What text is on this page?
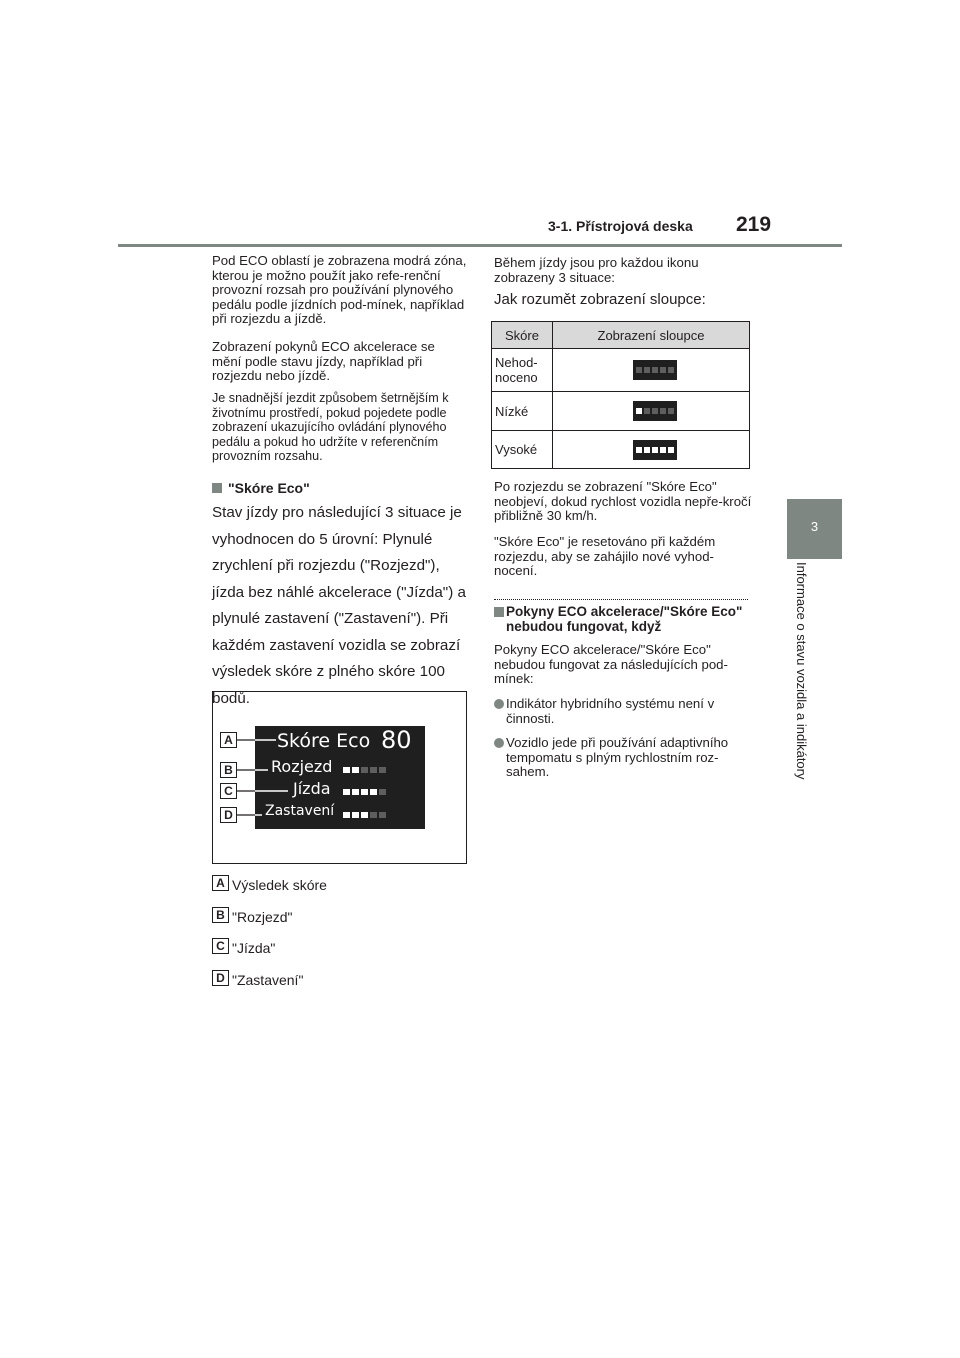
3-1. Přístrojová deska 219
3
Informace o stavu vozidla a indikátory
Pod ECO oblastí je zobrazena modrá zóna, kterou je možno použít jako refe-renční provozní rozsah pro používání plynového pedálu podle jízdních pod-mínek, například při rozjezdu a jízdě.
Zobrazení pokynů ECO akcelerace se mění podle stavu jízdy, například při rozjezdu nebo jízdě.
Je snadnější jezdit způsobem šetrnějším k životnímu prostředí, pokud pojedete podle zobrazení ukazujícího ovládání plynového pedálu a pokud ho udržíte v referenčním provozním rozsahu.
"Skóre Eco"
Stav jízdy pro následující 3 situace je vyhodnocen do 5 úrovní: Plynulé zrychlení při rozjezdu ("Rozjezd"), jízda bez náhlé akcelerace ("Jízda") a plynulé zastavení ("Zastavení"). Při každém zastavení vozidla se zobrazí výsledek skóre z plného skóre 100 bodů.
Skóre Eco 80
Rozjezd
Jízda
Zastavení
A
B
C
D
A Výsledek skóre
B "Rozjezd"
C "Jízda"
D "Zastavení"
Během jízdy jsou pro každou ikonu zobrazeny 3 situace:
Jak rozumět zobrazení sloupce:
Skóre	Zobrazení sloupce
Nehod-noceno	

Nízké	

Vysoké	
Po rozjezdu se zobrazení "Skóre Eco" neobjeví, dokud rychlost vozidla nepře-kročí přibližně 30 km/h.
"Skóre Eco" je resetováno při každém rozjezdu, aby se zahájilo nové vyhod-nocení.
Pokyny ECO akcelerace/"Skóre Eco" nebudou fungovat, když
Pokyny ECO akcelerace/"Skóre Eco" nebudou fungovat za následujících pod-mínek:
Indikátor hybridního systému není v činnosti.
Vozidlo jede při používání adaptivního tempomatu s plným rychlostním roz-sahem.
